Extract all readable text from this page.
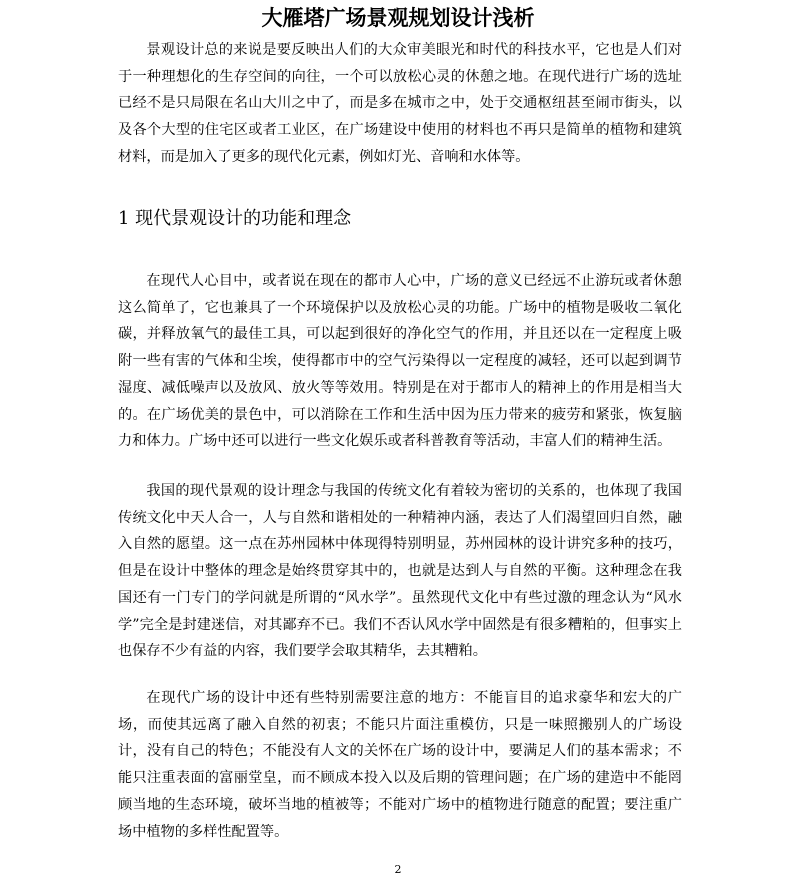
大雁塔广场景观规划设计浅析

景观设计总的来说是要反映出人们的大众审美眼光和时代的科技水平，它也是人们对于一种理想化的生存空间的向往，一个可以放松心灵的休憩之地。在现代进行广场的选址已经不是只局限在名山大川之中了，而是多在城市之中，处于交通枢纽甚至闹市街头，以及各个大型的住宅区或者工业区，在广场建设中使用的材料也不再只是简单的植物和建筑材料，而是加入了更多的现代化元素，例如灯光、音响和水体等。

1 现代景观设计的功能和理念

在现代人心目中，或者说在现在的都市人心中，广场的意义已经远不止游玩或者休憩这么简单了，它也兼具了一个环境保护以及放松心灵的功能。广场中的植物是吸收二氧化碳，并释放氧气的最佳工具，可以起到很好的净化空气的作用，并且还以在一定程度上吸附一些有害的气体和尘埃，使得都市中的空气污染得以一定程度的减轻，还可以起到调节湿度、减低噪声以及放风、放火等等效用。特别是在对于都市人的精神上的作用是相当大的。在广场优美的景色中，可以消除在工作和生活中因为压力带来的疲劳和紧张，恢复脑力和体力。广场中还可以进行一些文化娱乐或者科普教育等活动，丰富人们的精神生活。

我国的现代景观的设计理念与我国的传统文化有着较为密切的关系的，也体现了我国传统文化中天人合一，人与自然和谐相处的一种精神内涵，表达了人们渴望回归自然，融入自然的愿望。这一点在苏州园林中体现得特别明显，苏州园林的设计讲究多种的技巧，但是在设计中整体的理念是始终贯穿其中的，也就是达到人与自然的平衡。这种理念在我国还有一门专门的学问就是所谓的“风水学”。虽然现代文化中有些过激的理念认为“风水学”完全是封建迷信，对其鄙弃不已。我们不否认风水学中固然是有很多糟粕的，但事实上也保存不少有益的内容，我们要学会取其精华，去其糟粕。

在现代广场的设计中还有些特别需要注意的地方：不能盲目的追求豪华和宏大的广场，而使其远离了融入自然的初衷；不能只片面注重模仿，只是一味照搬别人的广场设计，没有自己的特色；不能没有人文的关怀在广场的设计中，要满足人们的基本需求；不能只注重表面的富丽堂皇，而不顾成本投入以及后期的管理问题；在广场的建造中不能罔顾当地的生态环境，破坏当地的植被等；不能对广场中的植物进行随意的配置；要注重广场中植物的多样性配置等。

2
